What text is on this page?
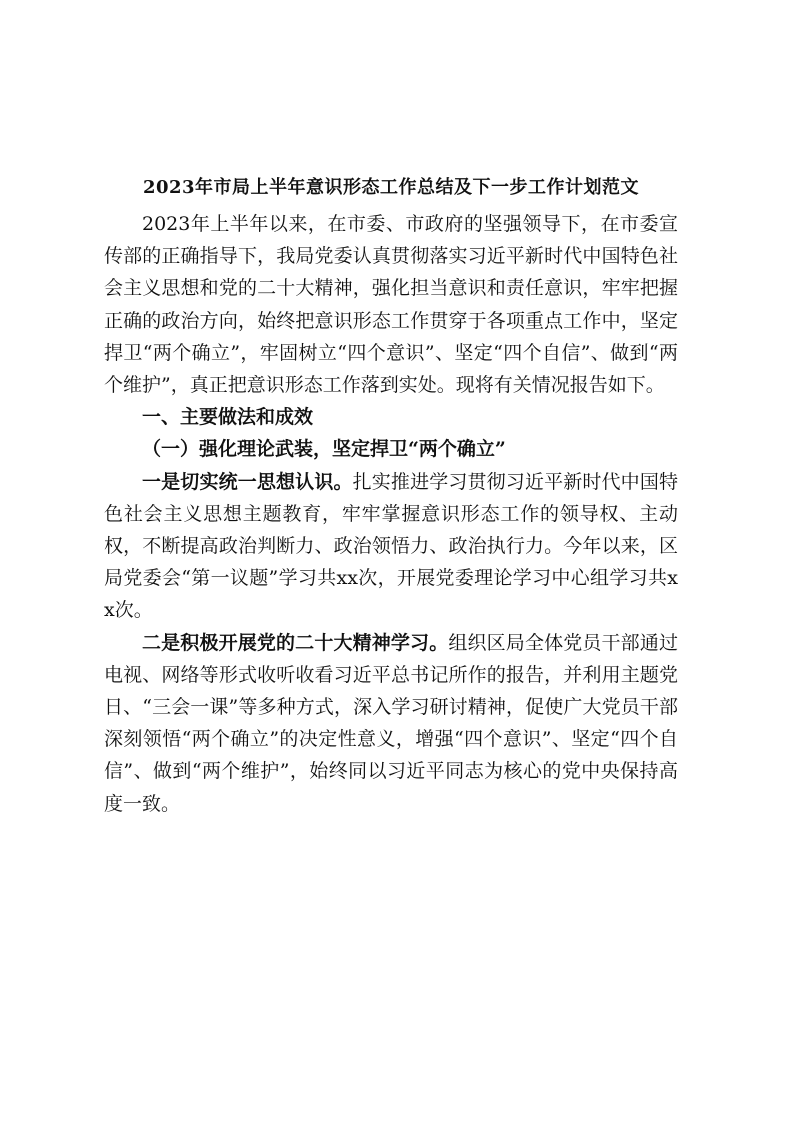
2023年市局上半年意识形态工作总结及下一步工作计划范文

2023年上半年以来，在市委、市政府的坚强领导下，在市委宣传部的正确指导下，我局党委认真贯彻落实习近平新时代中国特色社会主义思想和党的二十大精神，强化担当意识和责任意识，牢牢把握正确的政治方向，始终把意识形态工作贯穿于各项重点工作中，坚定捍卫“两个确立”，牢固树立“四个意识”、坚定“四个自信”、做到“两个维护”，真正把意识形态工作落到实处。现将有关情况报告如下。

一、主要做法和成效

（一）强化理论武装，坚定捍卫“两个确立”

一是切实统一思想认识。扎实推进学习贯彻习近平新时代中国特色社会主义思想主题教育，牢牢掌握意识形态工作的领导权、主动权，不断提高政治判断力、政治领悟力、政治执行力。今年以来，区局党委会“第一议题”学习共xx次，开展党委理论学习中心组学习共xx次。

二是积极开展党的二十大精神学习。组织区局全体党员干部通过电视、网络等形式收听收看习近平总书记所作的报告，并利用主题党日、“三会一课”等多种方式，深入学习研讨精神，促使广大党员干部深刻领悟“两个确立”的决定性意义，增强“四个意识”、坚定“四个自信”、做到“两个维护”，始终同以习近平同志为核心的党中央保持高度一致。
